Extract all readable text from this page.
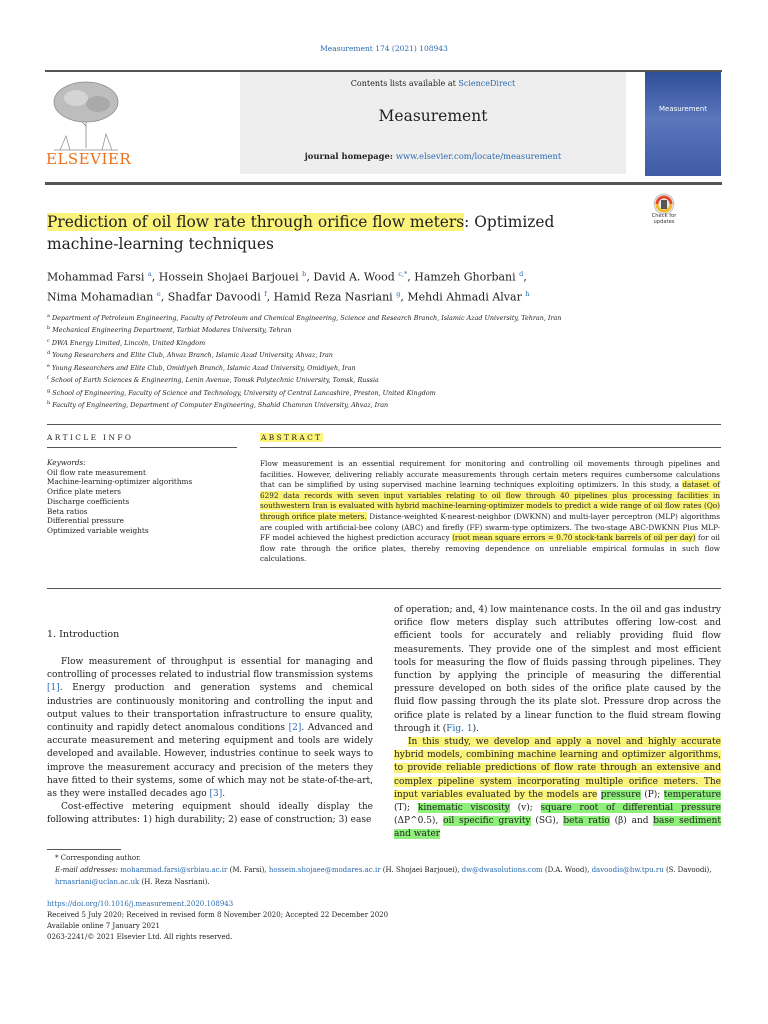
Measurement 174 (2021) 108943
ELSEVIER
Contents lists available at ScienceDirect
Measurement
journal homepage: www.elsevier.com/locate/measurement
Measurement
Check for updates
Prediction of oil flow rate through orifice flow meters: Optimized
machine-learning techniques
Mohammad Farsi $^a$, Hossein Shojaei Barjouei $^b$, David A. Wood $^{c,*}$, Hamzeh Ghorbani $^d$,
Nima Mohamadian $^e$, Shadfar Davoodi $^f$, Hamid Reza Nasriani $^g$, Mehdi Ahmadi Alvar $^h$
$^a$ Department of Petroleum Engineering, Faculty of Petroleum and Chemical Engineering, Science and Research Branch, Islamic Azad University, Tehran, Iran
$^b$ Mechanical Engineering Department, Tarbiat Modares University, Tehran
$^c$ DWA Energy Limited, Lincoln, United Kingdom
$^d$ Young Researchers and Elite Club, Ahvaz Branch, Islamic Azad University, Ahvaz, Iran
$^e$ Young Researchers and Elite Club, Omidiyeh Branch, Islamic Azad University, Omidiyeh, Iran
$^f$ School of Earth Sciences & Engineering, Lenin Avenue, Tomsk Polytechnic University, Tomsk, Russia
$^g$ School of Engineering, Faculty of Science and Technology, University of Central Lancashire, Preston, United Kingdom
$^h$ Faculty of Engineering, Department of Computer Engineering, Shahid Chamran University, Ahvaz, Iran
ARTICLE INFO	ABSTRACT
Keywords:
Oil flow rate measurement
Machine-learning-optimizer algorithms
Orifice plate meters
Discharge coefficients
Beta ratios
Differential pressure
Optimized variable weights
Flow measurement is an essential requirement for monitoring and controlling oil movements through pipelines and facilities. However, delivering reliably accurate measurements through certain meters requires cumbersome calculations that can be simplified by using supervised machine learning techniques exploiting optimizers. In this study, a dataset of 6292 data records with seven input variables relating to oil flow through 40 pipelines plus processing facilities in southwestern Iran is evaluated with hybrid machine-learning-optimizer models to predict a wide range of oil flow rates (Qo) through orifice plate meters. Distance-weighted K-nearest-neighbor (DWKNN) and multi-layer perceptron (MLP) algorithms are coupled with artificial-bee colony (ABC) and firefly (FF) swarm-type optimizers. The two-stage ABC-DWKNN Plus MLP-FF model achieved the highest prediction accuracy (root mean square errors = 0.70 stock-tank barrels of oil per day) for oil flow rate through the orifice plates, thereby removing dependence on unreliable empirical formulas in such flow calculations.
1. Introduction

Flow measurement of throughput is essential for managing and controlling of processes related to industrial flow transmission systems [1]. Energy production and generation systems and chemical industries are continuously monitoring and controlling the input and output values to their transportation infrastructure to ensure quality, continuity and rapidly detect anomalous conditions [2]. Advanced and accurate measurement and metering equipment and tools are widely developed and available. However, industries continue to seek ways to improve the measurement accuracy and precision of the meters they have fitted to their systems, some of which may not be state-of-the-art, as they were installed decades ago [3].

Cost-effective metering equipment should ideally display the following attributes: 1) high durability; 2) ease of construction; 3) ease

of operation; and, 4) low maintenance costs. In the oil and gas industry orifice flow meters display such attributes offering low-cost and efficient tools for accurately and reliably providing fluid flow measurements. They provide one of the simplest and most efficient tools for measuring the flow of fluids passing through pipelines. They function by applying the principle of measuring the differential pressure developed on both sides of the orifice plate caused by the fluid flow passing through the its plate slot. Pressure drop across the orifice plate is related by a linear function to the fluid stream flowing through it (Fig. 1).

In this study, we develop and apply a novel and highly accurate hybrid models, combining machine learning and optimizer algorithms, to provide reliable predictions of flow rate through an extensive and complex pipeline system incorporating multiple orifice meters. The input variables evaluated by the models are pressure (P); temperature (T); kinematic viscosity (v); square root of differential pressure (ΔP^0.5), oil specific gravity (SG), beta ratio (β) and base sediment and water

* Corresponding author.
E-mail addresses: mohammad.farsi@srbiau.ac.ir (M. Farsi), hossein.shojaee@modares.ac.ir (H. Shojaei Barjouei), dw@dwasolutions.com (D.A. Wood), davoodis@hw.tpu.ru (S. Davoodi), hrnasriani@uclan.ac.uk (H. Reza Nasriani).
https://doi.org/10.1016/j.measurement.2020.108943
Received 5 July 2020; Received in revised form 8 November 2020; Accepted 22 December 2020
Available online 7 January 2021
0263-2241/© 2021 Elsevier Ltd. All rights reserved.
